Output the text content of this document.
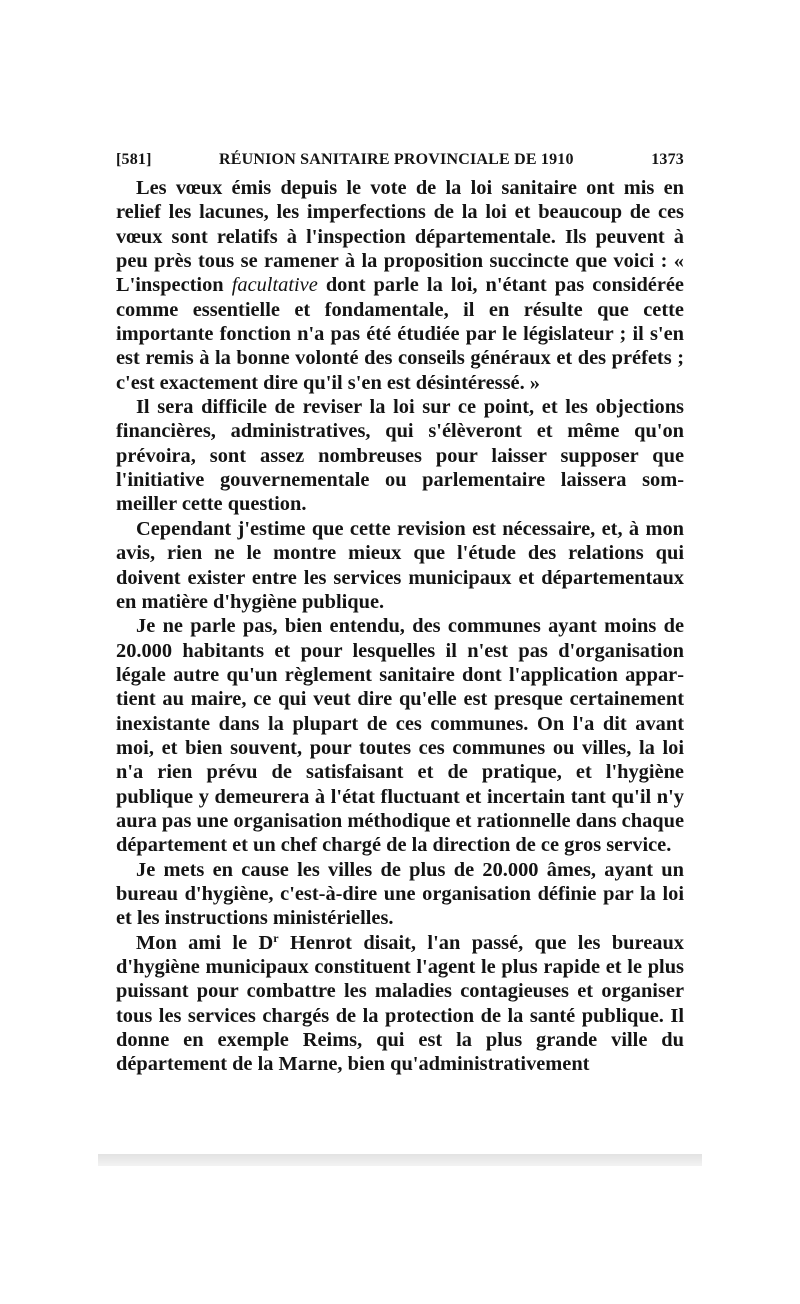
[581]	RÉUNION SANITAIRE PROVINCIALE DE 1910	1373

Les vœux émis depuis le vote de la loi sanitaire ont mis en relief les lacunes, les imperfections de la loi et beaucoup de ces vœux sont relatifs à l'inspection départementale. Ils peuvent à peu près tous se ramener à la proposition succincte que voici : « L'inspection facultative dont parle la loi, n'étant pas considérée comme essentielle et fondamentale, il en résulte que cette importante fonction n'a pas été étudiée par le législateur ; il s'en est remis à la bonne volonté des conseils généraux et des préfets ; c'est exactement dire qu'il s'en est désintéressé. »

Il sera difficile de reviser la loi sur ce point, et les objections financières, administratives, qui s'élèveront et même qu'on prévoira, sont assez nombreuses pour laisser supposer que l'initiative gouvernementale ou parlementaire laissera sommeiller cette question.

Cependant j'estime que cette revision est nécessaire, et, à mon avis, rien ne le montre mieux que l'étude des relations qui doivent exister entre les services municipaux et départementaux en matière d'hygiène publique.

Je ne parle pas, bien entendu, des communes ayant moins de 20.000 habitants et pour lesquelles il n'est pas d'organisation légale autre qu'un règlement sanitaire dont l'application appartient au maire, ce qui veut dire qu'elle est presque certainement inexistante dans la plupart de ces communes. On l'a dit avant moi, et bien souvent, pour toutes ces communes ou villes, la loi n'a rien prévu de satisfaisant et de pratique, et l'hygiène publique y demeurera à l'état fluctuant et incertain tant qu'il n'y aura pas une organisation méthodique et rationnelle dans chaque département et un chef chargé de la direction de ce gros service.

Je mets en cause les villes de plus de 20.000 âmes, ayant un bureau d'hygiène, c'est-à-dire une organisation définie par la loi et les instructions ministérielles.

Mon ami le $D^r$ Henrot disait, l'an passé, que les bureaux d'hygiène municipaux constituent l'agent le plus rapide et le plus puissant pour combattre les maladies contagieuses et organiser tous les services chargés de la protection de la santé publique. Il donne en exemple Reims, qui est la plus grande ville du département de la Marne, bien qu'administrativement
